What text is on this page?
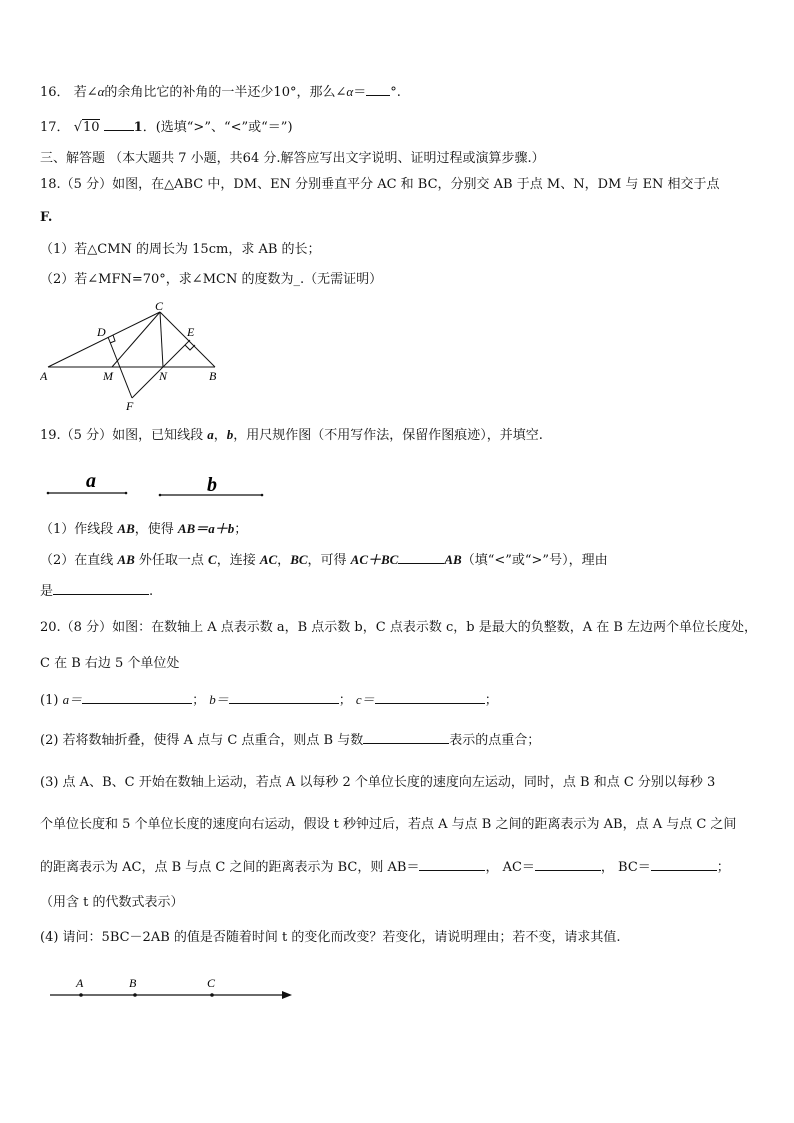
16． 若∠α的余角比它的补角的一半还少10°，那么∠α＝ °.
17． √10	1．(选填“>”、“<”或“＝”)
三、解答题 （本大题共 7 小题，共64 分.解答应写出文字说明、证明过程或演算步骤.）
18.（5 分）如图，在△ABC 中，DM、EN 分别垂直平分 AC 和 BC，分别交 AB 于点 M、N，DM 与 EN 相交于点
F.
（1）若△CMN 的周长为 15cm，求 AB 的长；
（2）若∠MFN=70°，求∠MCN 的度数为_.（无需证明）
A	M	N	B
C
D	E
F
19.（5 分）如图，已知线段 a，b，用尺规作图（不用写作法，保留作图痕迹），并填空.
a	b
（1）作线段 AB，使得 AB＝a＋b；
（2）在直线 AB 外任取一点 C，连接 AC，BC，可得 AC＋BC	AB（填“<”或“>”号），理由
是	.
20.（8 分）如图：在数轴上 A 点表示数 a，B 点示数 b，C 点表示数 c，b 是最大的负整数，A 在 B 左边两个单位长度处，
C 在 B 右边 5 个单位处
(1) a＝	； b＝	； c＝	；
(2) 若将数轴折叠，使得 A 点与 C 点重合，则点 B 与数	表示的点重合；
(3) 点 A、B、C 开始在数轴上运动，若点 A 以每秒 2 个单位长度的速度向左运动，同时，点 B 和点 C 分别以每秒 3
个单位长度和 5 个单位长度的速度向右运动，假设 t 秒钟过后，若点 A 与点 B 之间的距离表示为 AB，点 A 与点 C 之间
的距离表示为 AC，点 B 与点 C 之间的距离表示为 BC，则 AB＝	， AC＝	， BC＝	；
（用含 t 的代数式表示）
(4) 请问：5BC－2AB 的值是否随着时间 t 的变化而改变？若变化，请说明理由；若不变，请求其值.
A	B	C
